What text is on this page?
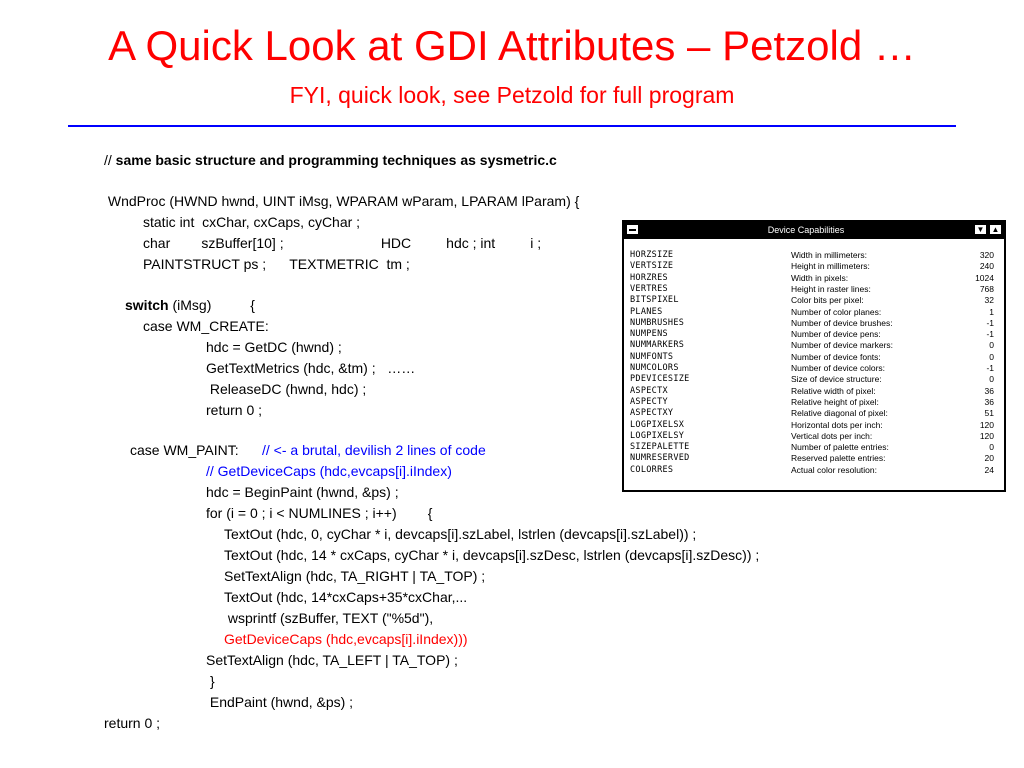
A Quick Look at GDI Attributes – Petzold …
FYI, quick look, see Petzold for full program
// same basic structure and programming techniques as sysmetric.c
WndProc (HWND hwnd, UINT iMsg, WPARAM wParam, LPARAM lParam) {
static int  cxChar, cxCaps, cyChar ;
char        szBuffer[10] ;                         HDC         hdc ; int         i ;
PAINTSTRUCT ps ;      TEXTMETRIC  tm ;
switch (iMsg)          {
case WM_CREATE:
hdc = GetDC (hwnd) ;
GetTextMetrics (hdc, &tm) ;   ……
ReleaseDC (hwnd, hdc) ;
return 0 ;
case WM_PAINT:      // <- a brutal, devilish 2 lines of code
// GetDeviceCaps (hdc,evcaps[i].iIndex)
hdc = BeginPaint (hwnd, &ps) ;
for (i = 0 ; i < NUMLINES ; i++)        {
TextOut (hdc, 0, cyChar * i, devcaps[i].szLabel, lstrlen (devcaps[i].szLabel)) ;
TextOut (hdc, 14 * cxCaps, cyChar * i, devcaps[i].szDesc, lstrlen (devcaps[i].szDesc)) ;
SetTextAlign (hdc, TA_RIGHT | TA_TOP) ;
TextOut (hdc, 14*cxCaps+35*cxChar,...
wsprintf (szBuffer, TEXT ("%5d"),
GetDeviceCaps (hdc,evcaps[i].iIndex)))
SetTextAlign (hdc, TA_LEFT | TA_TOP) ;
}
EndPaint (hwnd, &ps) ;
return 0 ;
Device Capabilities	▼ ▲
HORZSIZE	Width in millimeters:	320
VERTSIZE	Height in millimeters:	240
HORZRES	Width in pixels:	1024
VERTRES	Height in raster lines:	768
BITSPIXEL	Color bits per pixel:	32
PLANES	Number of color planes:	1
NUMBRUSHES	Number of device brushes:	-1
NUMPENS	Number of device pens:	-1
NUMMARKERS	Number of device markers:	0
NUMFONTS	Number of device fonts:	0
NUMCOLORS	Number of device colors:	-1
PDEVICESIZE	Size of device structure:	0
ASPECTX	Relative width of pixel:	36
ASPECTY	Relative height of pixel:	36
ASPECTXY	Relative diagonal of pixel:	51
LOGPIXELSX	Horizontal dots per inch:	120
LOGPIXELSY	Vertical dots per inch:	120
SIZEPALETTE	Number of palette entries:	0
NUMRESERVED	Reserved palette entries:	20
COLORRES	Actual color resolution:	24
